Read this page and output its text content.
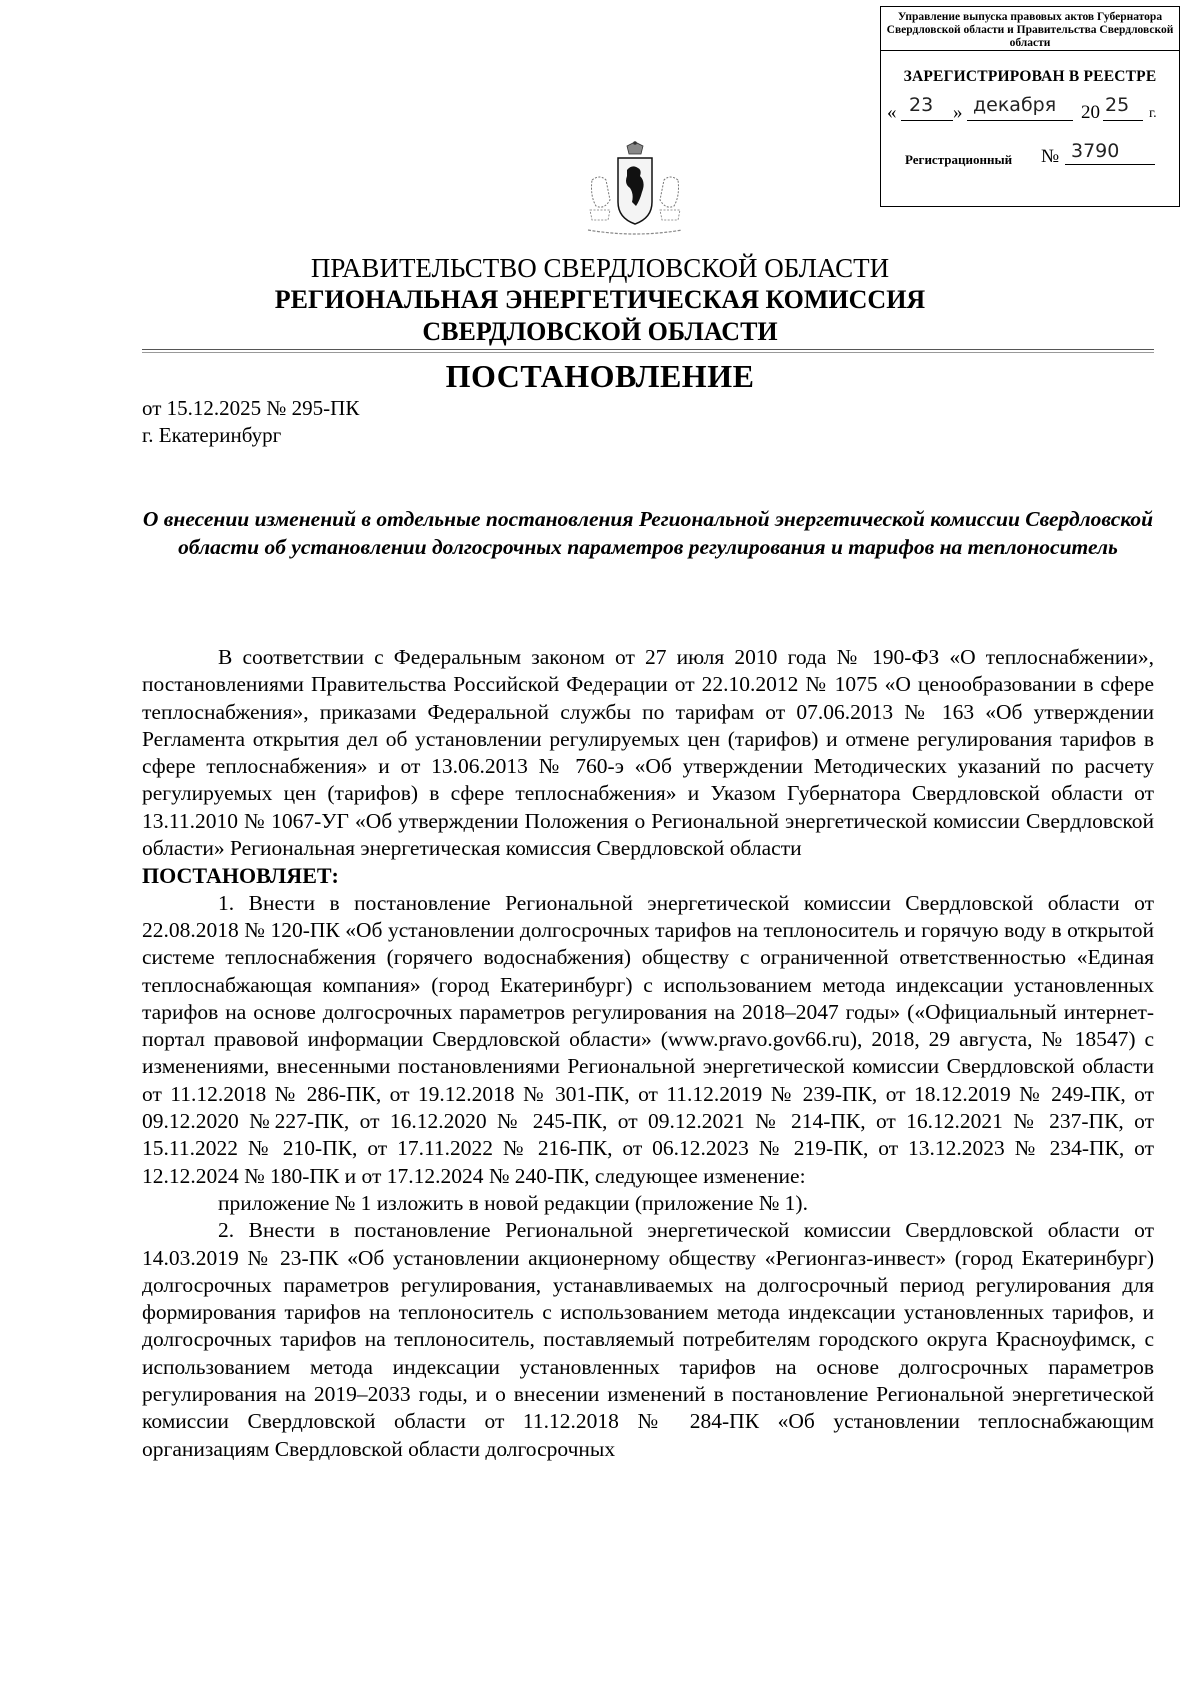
Управление выпуска правовых актов Губернатора Свердловской области и Правительства Свердловской области
ЗАРЕГИСТРИРОВАН В РЕЕСТРЕ
« 23 » декабря 20 25 г.
Регистрационный № 3790
ПРАВИТЕЛЬСТВО СВЕРДЛОВСКОЙ ОБЛАСТИ
РЕГИОНАЛЬНАЯ ЭНЕРГЕТИЧЕСКАЯ КОМИССИЯ
СВЕРДЛОВСКОЙ ОБЛАСТИ
ПОСТАНОВЛЕНИЕ
от 15.12.2025 № 295-ПК
г. Екатеринбург
О внесении изменений в отдельные постановления Региональной энергетической комиссии Свердловской области об установлении долгосрочных параметров регулирования и тарифов на теплоноситель

В соответствии с Федеральным законом от 27 июля 2010 года № 190-ФЗ «О теплоснабжении», постановлениями Правительства Российской Федерации от 22.10.2012 № 1075 «О ценообразовании в сфере теплоснабжения», приказами Федеральной службы по тарифам от 07.06.2013 № 163 «Об утверждении Регламента открытия дел об установлении регулируемых цен (тарифов) и отмене регулирования тарифов в сфере теплоснабжения» и от 13.06.2013 № 760-э «Об утверждении Методических указаний по расчету регулируемых цен (тарифов) в сфере теплоснабжения» и Указом Губернатора Свердловской области от 13.11.2010 № 1067-УГ «Об утверждении Положения о Региональной энергетической комиссии Свердловской области» Региональная энергетическая комиссия Свердловской области

ПОСТАНОВЛЯЕТ:

1. Внести в постановление Региональной энергетической комиссии Свердловской области от 22.08.2018 № 120-ПК «Об установлении долгосрочных тарифов на теплоноситель и горячую воду в открытой системе теплоснабжения (горячего водоснабжения) обществу с ограниченной ответственностью «Единая теплоснабжающая компания» (город Екатеринбург) с использованием метода индексации установленных тарифов на основе долгосрочных параметров регулирования на 2018–2047 годы» («Официальный интернет-портал правовой информации Свердловской области» (www.pravo.gov66.ru), 2018, 29 августа, № 18547) с изменениями, внесенными постановлениями Региональной энергетической комиссии Свердловской области от 11.12.2018 № 286-ПК, от 19.12.2018 № 301-ПК, от 11.12.2019 № 239-ПК, от 18.12.2019 № 249-ПК, от 09.12.2020 №227-ПК, от 16.12.2020 № 245-ПК, от 09.12.2021 № 214-ПК, от 16.12.2021 № 237-ПК, от 15.11.2022 № 210-ПК, от 17.11.2022 № 216-ПК, от 06.12.2023 № 219-ПК, от 13.12.2023 № 234-ПК, от 12.12.2024 № 180-ПК и от 17.12.2024 № 240-ПК, следующее изменение:

приложение № 1 изложить в новой редакции (приложение № 1).

2. Внести в постановление Региональной энергетической комиссии Свердловской области от 14.03.2019 № 23-ПК «Об установлении акционерному обществу «Регионгаз-инвест» (город Екатеринбург) долгосрочных параметров регулирования, устанавливаемых на долгосрочный период регулирования для формирования тарифов на теплоноситель с использованием метода индексации установленных тарифов, и долгосрочных тарифов на теплоноситель, поставляемый потребителям городского округа Красноуфимск, с использованием метода индексации установленных тарифов на основе долгосрочных параметров регулирования на 2019–2033 годы, и о внесении изменений в постановление Региональной энергетической комиссии Свердловской области от 11.12.2018 № 284-ПК «Об установлении теплоснабжающим организациям Свердловской области долгосрочных
